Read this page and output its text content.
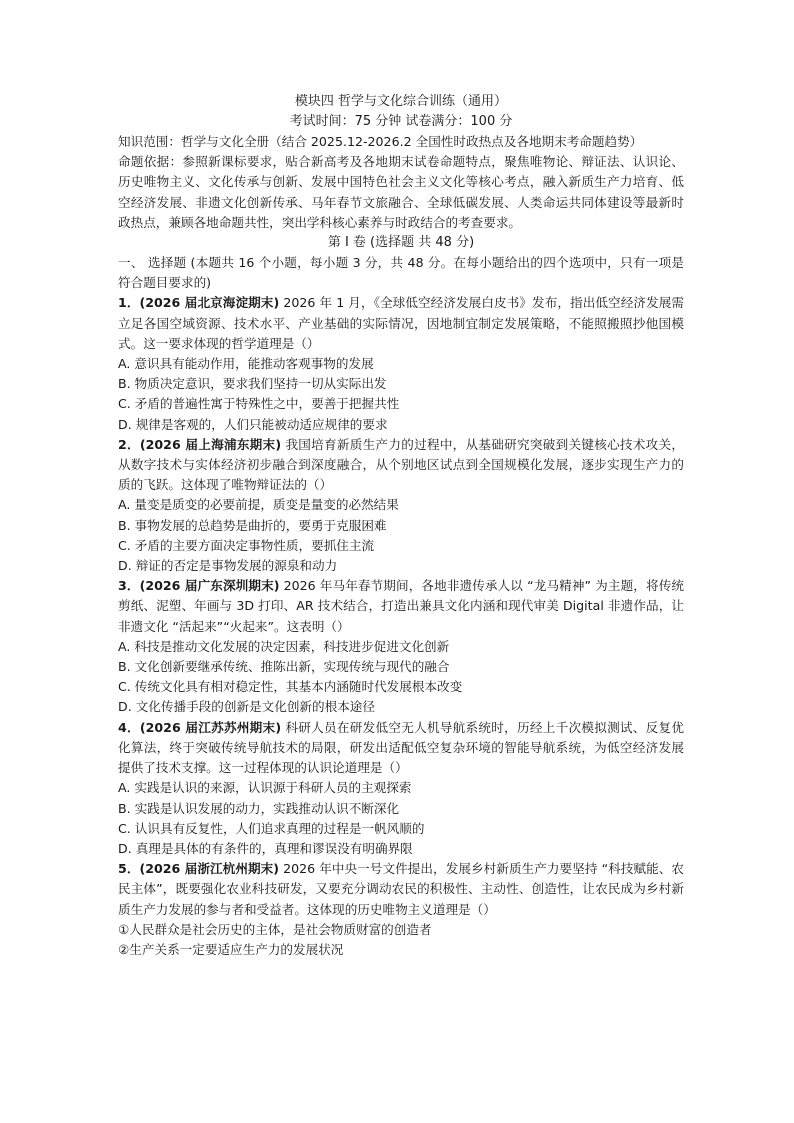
模块四 哲学与文化综合训练（通用）

考试时间：75 分钟 试卷满分：100 分

知识范围：哲学与文化全册（结合 2025.12-2026.2 全国性时政热点及各地期末考命题趋势）

命题依据：参照新课标要求，贴合新高考及各地期末试卷命题特点，聚焦唯物论、辩证法、认识论、历史唯物主义、文化传承与创新、发展中国特色社会主义文化等核心考点，融入新质生产力培育、低空经济发展、非遗文化创新传承、马年春节文旅融合、全球低碳发展、人类命运共同体建设等最新时政热点，兼顾各地命题共性，突出学科核心素养与时政结合的考查要求。

第 Ⅰ 卷 (选择题 共 48 分)

一、 选择题 (本题共 16 个小题，每小题 3 分，共 48 分。在每小题给出的四个选项中，只有一项是符合题目要求的)

1．(2026 届北京海淀期末) 2026 年 1 月，《全球低空经济发展白皮书》发布，指出低空经济发展需立足各国空域资源、技术水平、产业基础的实际情况，因地制宜制定发展策略，不能照搬照抄他国模式。这一要求体现的哲学道理是（）

A. 意识具有能动作用，能推动客观事物的发展

B. 物质决定意识，要求我们坚持一切从实际出发

C. 矛盾的普遍性寓于特殊性之中，要善于把握共性

D. 规律是客观的，人们只能被动适应规律的要求

2．(2026 届上海浦东期末) 我国培育新质生产力的过程中，从基础研究突破到关键核心技术攻关，从数字技术与实体经济初步融合到深度融合，从个别地区试点到全国规模化发展，逐步实现生产力的质的飞跃。这体现了唯物辩证法的（）

A. 量变是质变的必要前提，质变是量变的必然结果

B. 事物发展的总趋势是曲折的，要勇于克服困难

C. 矛盾的主要方面决定事物性质，要抓住主流

D. 辩证的否定是事物发展的源泉和动力

3．(2026 届广东深圳期末) 2026 年马年春节期间，各地非遗传承人以 “龙马精神” 为主题，将传统剪纸、泥塑、年画与 3D 打印、AR 技术结合，打造出兼具文化内涵和现代审美 Digital 非遗作品，让非遗文化 “活起来”“火起来”。这表明（）

A. 科技是推动文化发展的决定因素，科技进步促进文化创新

B. 文化创新要继承传统、推陈出新，实现传统与现代的融合

C. 传统文化具有相对稳定性，其基本内涵随时代发展根本改变

D. 文化传播手段的创新是文化创新的根本途径

4．(2026 届江苏苏州期末) 科研人员在研发低空无人机导航系统时，历经上千次模拟测试、反复优化算法，终于突破传统导航技术的局限，研发出适配低空复杂环境的智能导航系统，为低空经济发展提供了技术支撑。这一过程体现的认识论道理是（）

A. 实践是认识的来源，认识源于科研人员的主观探索

B. 实践是认识发展的动力，实践推动认识不断深化

C. 认识具有反复性，人们追求真理的过程是一帆风顺的

D. 真理是具体的有条件的，真理和谬误没有明确界限

5．(2026 届浙江杭州期末) 2026 年中央一号文件提出，发展乡村新质生产力要坚持 “科技赋能、农民主体”，既要强化农业科技研发，又要充分调动农民的积极性、主动性、创造性，让农民成为乡村新质生产力发展的参与者和受益者。这体现的历史唯物主义道理是（）

①人民群众是社会历史的主体，是社会物质财富的创造者

②生产关系一定要适应生产力的发展状况
